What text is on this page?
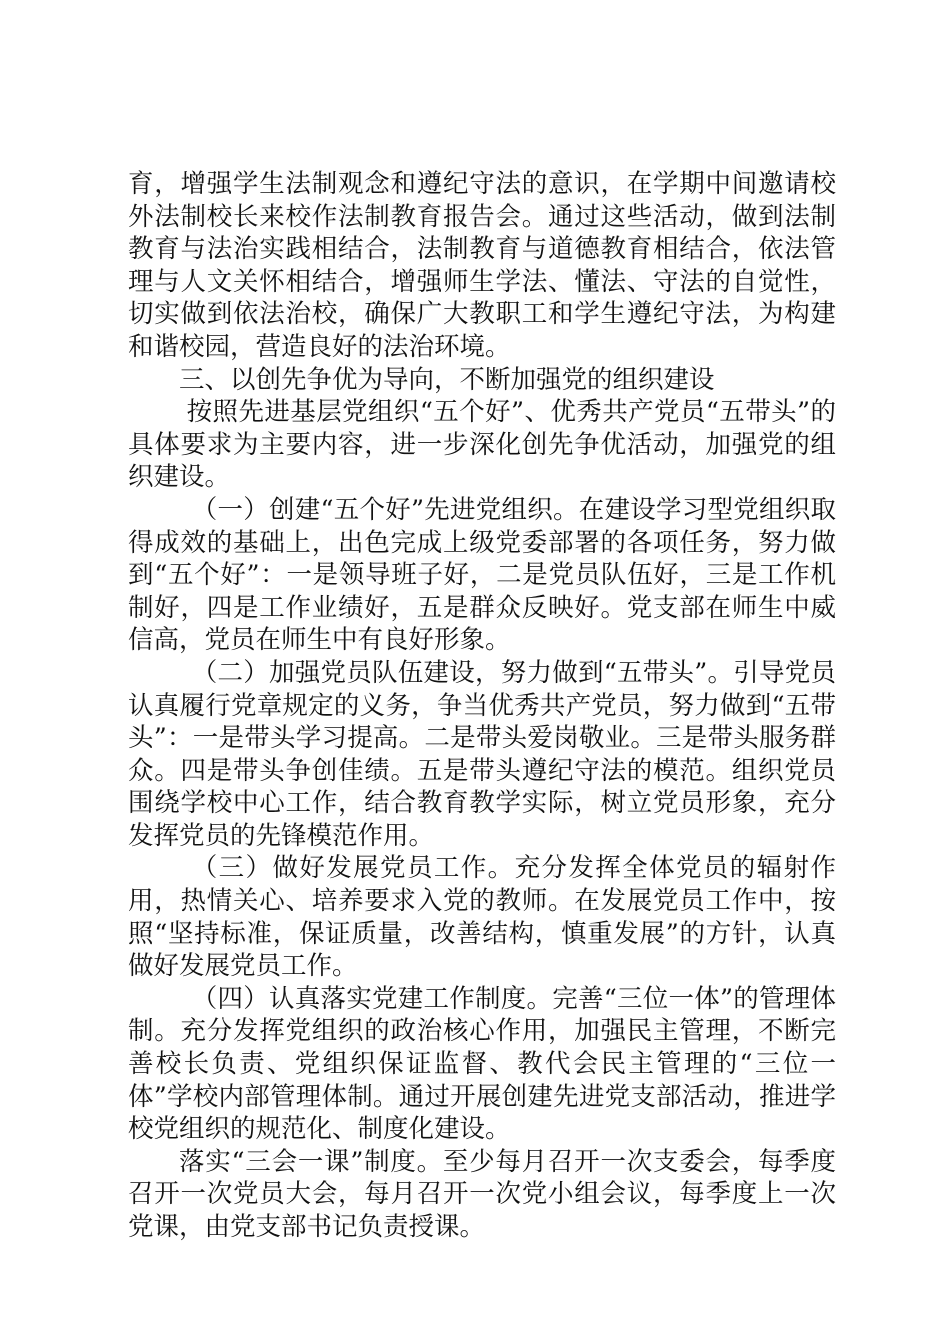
育，增强学生法制观念和遵纪守法的意识，在学期中间邀请校外法制校长来校作法制教育报告会。通过这些活动，做到法制教育与法治实践相结合，法制教育与道德教育相结合，依法管理与人文关怀相结合，增强师生学法、懂法、守法的自觉性，切实做到依法治校，确保广大教职工和学生遵纪守法，为构建和谐校园，营造良好的法治环境。

三、以创先争优为导向，不断加强党的组织建设

按照先进基层党组织“五个好”、优秀共产党员“五带头”的具体要求为主要内容，进一步深化创先争优活动，加强党的组织建设。

（一）创建“五个好”先进党组织。在建设学习型党组织取得成效的基础上，出色完成上级党委部署的各项任务，努力做到“五个好”：一是领导班子好，二是党员队伍好，三是工作机制好，四是工作业绩好，五是群众反映好。党支部在师生中威信高，党员在师生中有良好形象。

（二）加强党员队伍建设，努力做到“五带头”。引导党员认真履行党章规定的义务，争当优秀共产党员，努力做到“五带头”：一是带头学习提高。二是带头爱岗敬业。三是带头服务群众。四是带头争创佳绩。五是带头遵纪守法的模范。组织党员围绕学校中心工作，结合教育教学实际，树立党员形象，充分发挥党员的先锋模范作用。

（三）做好发展党员工作。充分发挥全体党员的辐射作用，热情关心、培养要求入党的教师。在发展党员工作中，按照“坚持标准，保证质量，改善结构，慎重发展”的方针，认真做好发展党员工作。

（四）认真落实党建工作制度。完善“三位一体”的管理体制。充分发挥党组织的政治核心作用，加强民主管理，不断完善校长负责、党组织保证监督、教代会民主管理的“三位一体”学校内部管理体制。通过开展创建先进党支部活动，推进学校党组织的规范化、制度化建设。

落实“三会一课”制度。至少每月召开一次支委会，每季度召开一次党员大会，每月召开一次党小组会议，每季度上一次党课，由党支部书记负责授课。
